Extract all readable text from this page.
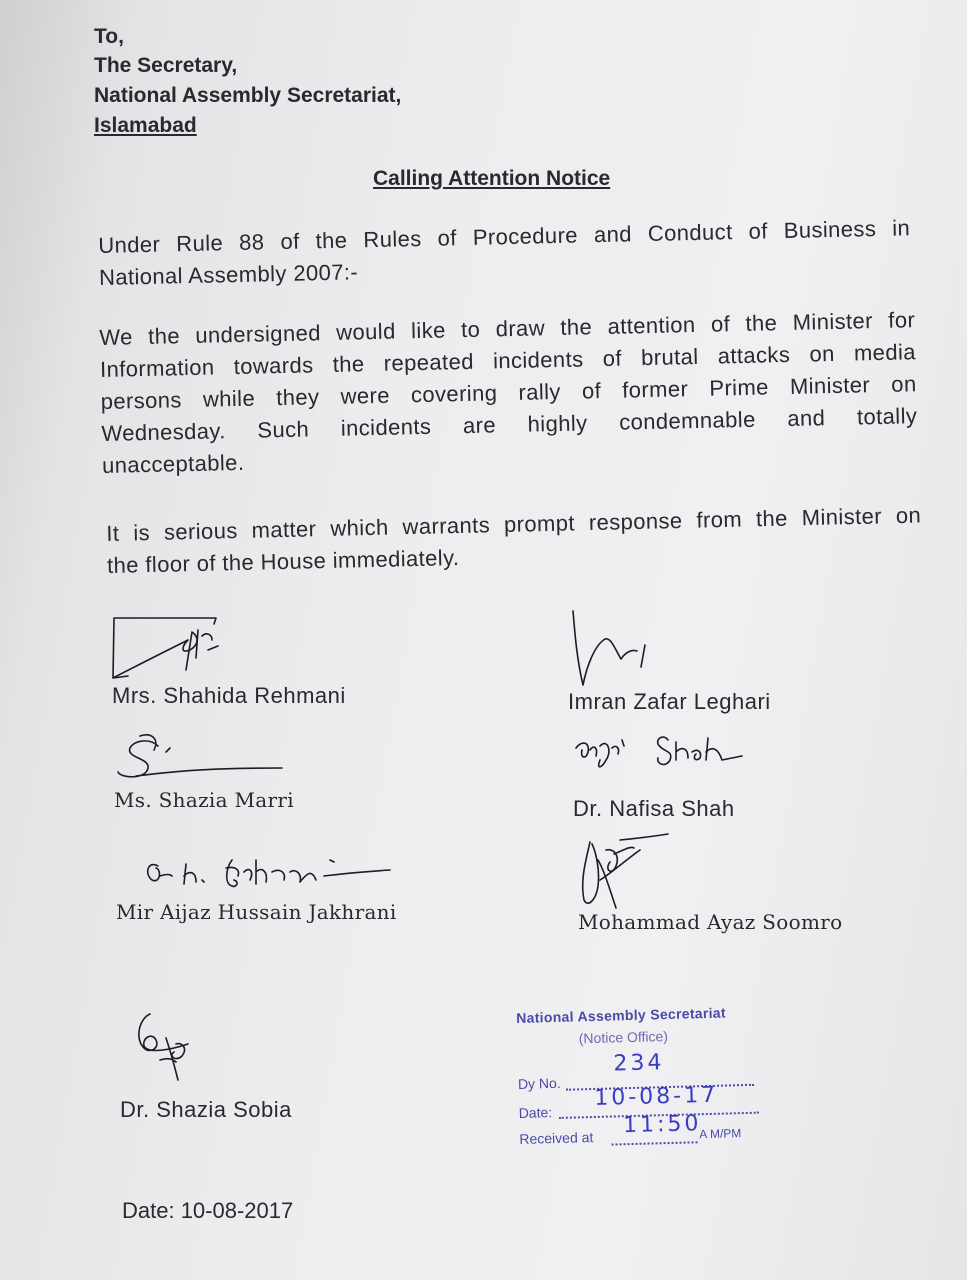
To,
The Secretary,
National Assembly Secretariat,
Islamabad
Calling Attention Notice
Under Rule 88 of the Rules of Procedure and Conduct of Business in
National Assembly 2007:-
We the undersigned would like to draw the attention of the Minister for
Information towards the repeated incidents of brutal attacks on media
persons while they were covering rally of former Prime Minister on
Wednesday. Such incidents are highly condemnable and totally
unacceptable.
It is serious matter which warrants prompt response from the Minister on
the floor of the House immediately.
Mrs. Shahida Rehmani	Imran Zafar Leghari
Ms. Shazia Marri	Dr. Nafisa Shah
Mir Aijaz Hussain Jakhrani	Mohammad Ayaz Soomro
Dr. Shazia Sobia
National Assembly Secretariat
(Notice Office)
Dy No.
234
Date:
10-08-17
Received at 11:50
A M/PM
Date: 10-08-2017
